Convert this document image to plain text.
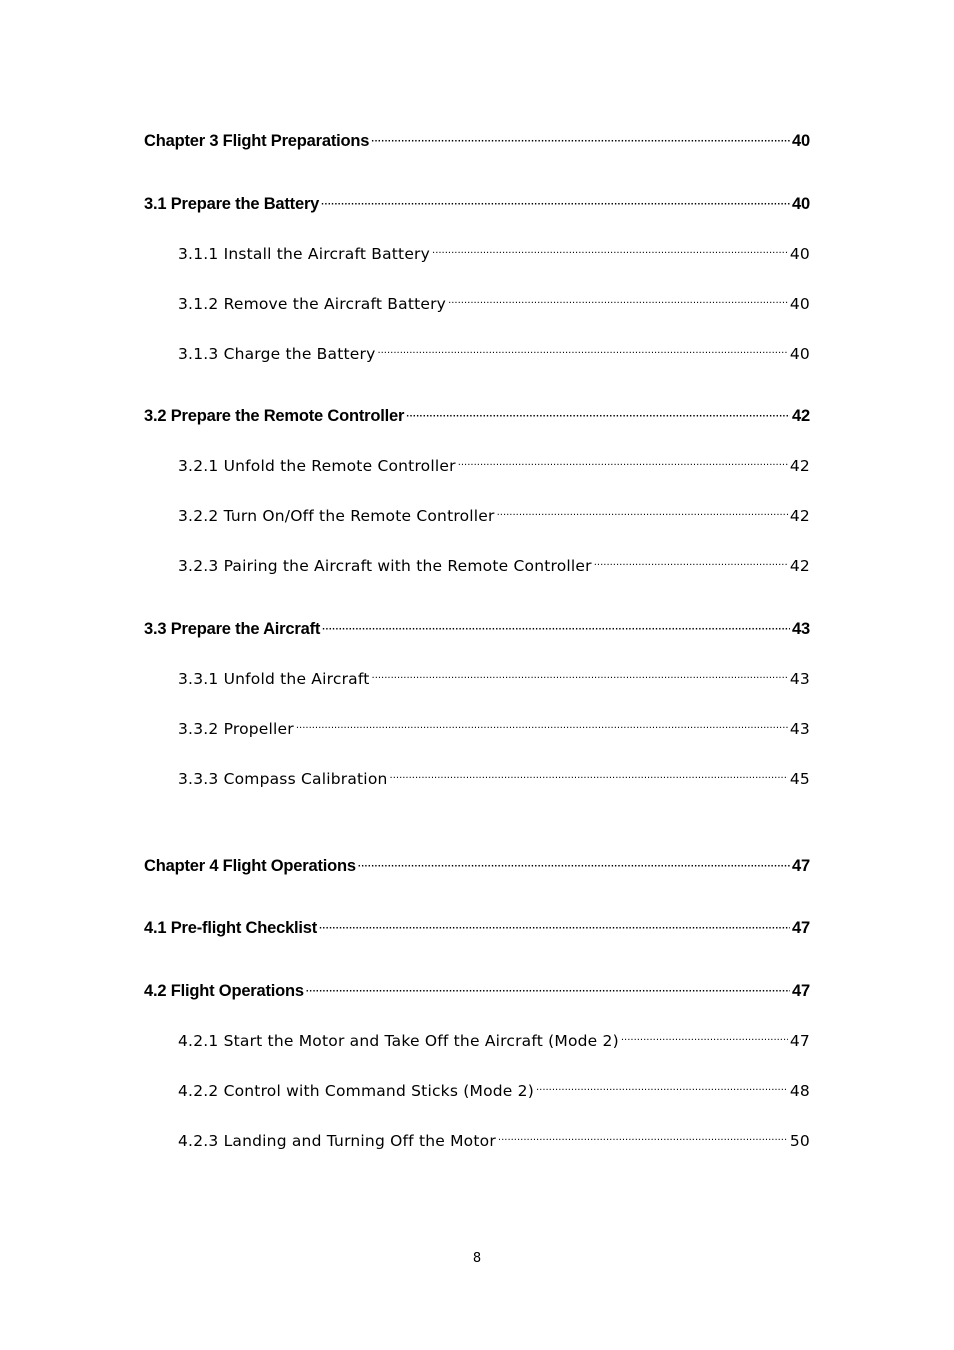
Chapter 3 Flight Preparations ·····	40
3.1 Prepare the Battery ·····	40
3.1.1 Install the Aircraft Battery ·····	40
3.1.2 Remove the Aircraft Battery ·····	40
3.1.3 Charge the Battery ·····	40
3.2 Prepare the Remote Controller ·····	42
3.2.1 Unfold the Remote Controller ·····	42
3.2.2 Turn On/Off the Remote Controller ·····	42
3.2.3 Pairing the Aircraft with the Remote Controller ·····	42
3.3 Prepare the Aircraft ·····	43
3.3.1 Unfold the Aircraft ·····	43
3.3.2 Propeller ·····	43
3.3.3 Compass Calibration ·····	45
Chapter 4 Flight Operations ·····	47
4.1 Pre-flight Checklist ·····	47
4.2 Flight Operations ·····	47
4.2.1 Start the Motor and Take Off the Aircraft (Mode 2) ·····	47
4.2.2 Control with Command Sticks (Mode 2) ·····	48
4.2.3 Landing and Turning Off the Motor ·····	50
8
